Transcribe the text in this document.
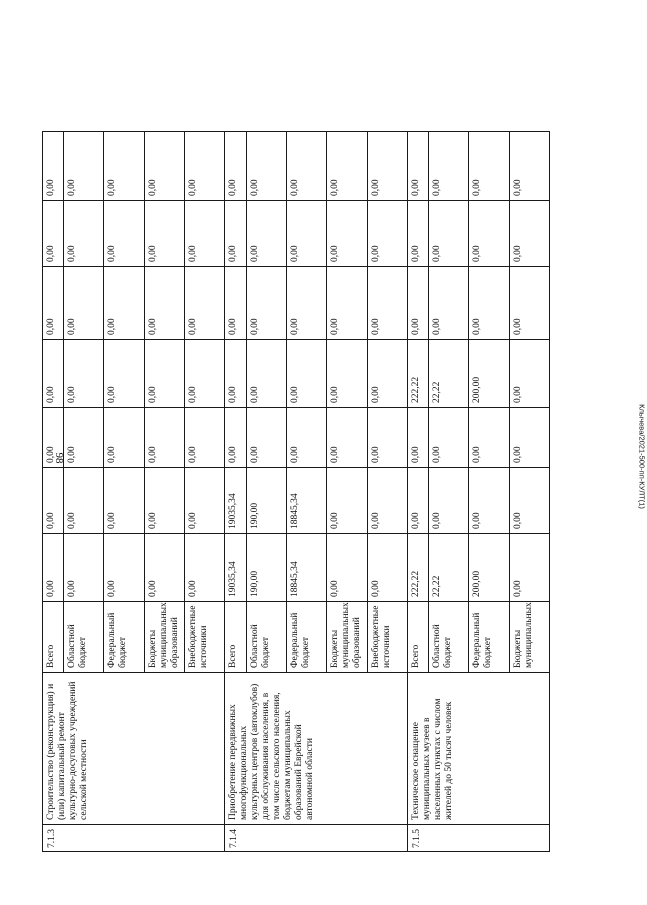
98	Клычева/2021-500-пп-КУЛТ(1)
7.1.3	Строительство (реконструкция) и (или) капитальный ремонт культурно-досуговых учреждений сельской местности	Всего	0,00	0,00	0,00	0,00	0,00	0,00	0,00
		Областной бюджет	0,00	0,00	0,00	0,00	0,00	0,00	0,00
		Федеральный бюджет	0,00	0,00	0,00	0,00	0,00	0,00	0,00
		Бюджеты муниципальных образований	0,00	0,00	0,00	0,00	0,00	0,00	0,00
		Внебюджетные источники	0,00	0,00	0,00	0,00	0,00	0,00	0,00
7.1.4	Приобретение передвижных многофункциональных культурных центров (автоклубов) для обслуживания населения, в том числе сельского населения, бюджетам муниципальных образований Еврейской автономной области	Всего	19035,34	19035,34	0,00	0,00	0,00	0,00	0,00
		Областной бюджет	190,00	190,00	0,00	0,00	0,00	0,00	0,00
		Федеральный бюджет	18845,34	18845,34	0,00	0,00	0,00	0,00	0,00
		Бюджеты муниципальных образований	0,00	0,00	0,00	0,00	0,00	0,00	0,00
		Внебюджетные источники	0,00	0,00	0,00	0,00	0,00	0,00	0,00
7.1.5	Техническое оснащение муниципальных музеев в населенных пунктах с числом жителей до 50 тысяч человек	Всего	222,22	0,00	0,00	222,22	0,00	0,00	0,00
		Областной бюджет	22,22	0,00	0,00	22,22	0,00	0,00	0,00
		Федеральный бюджет	200,00	0,00	0,00	200,00	0,00	0,00	0,00
		Бюджеты муниципальных	0,00	0,00	0,00	0,00	0,00	0,00	0,00
